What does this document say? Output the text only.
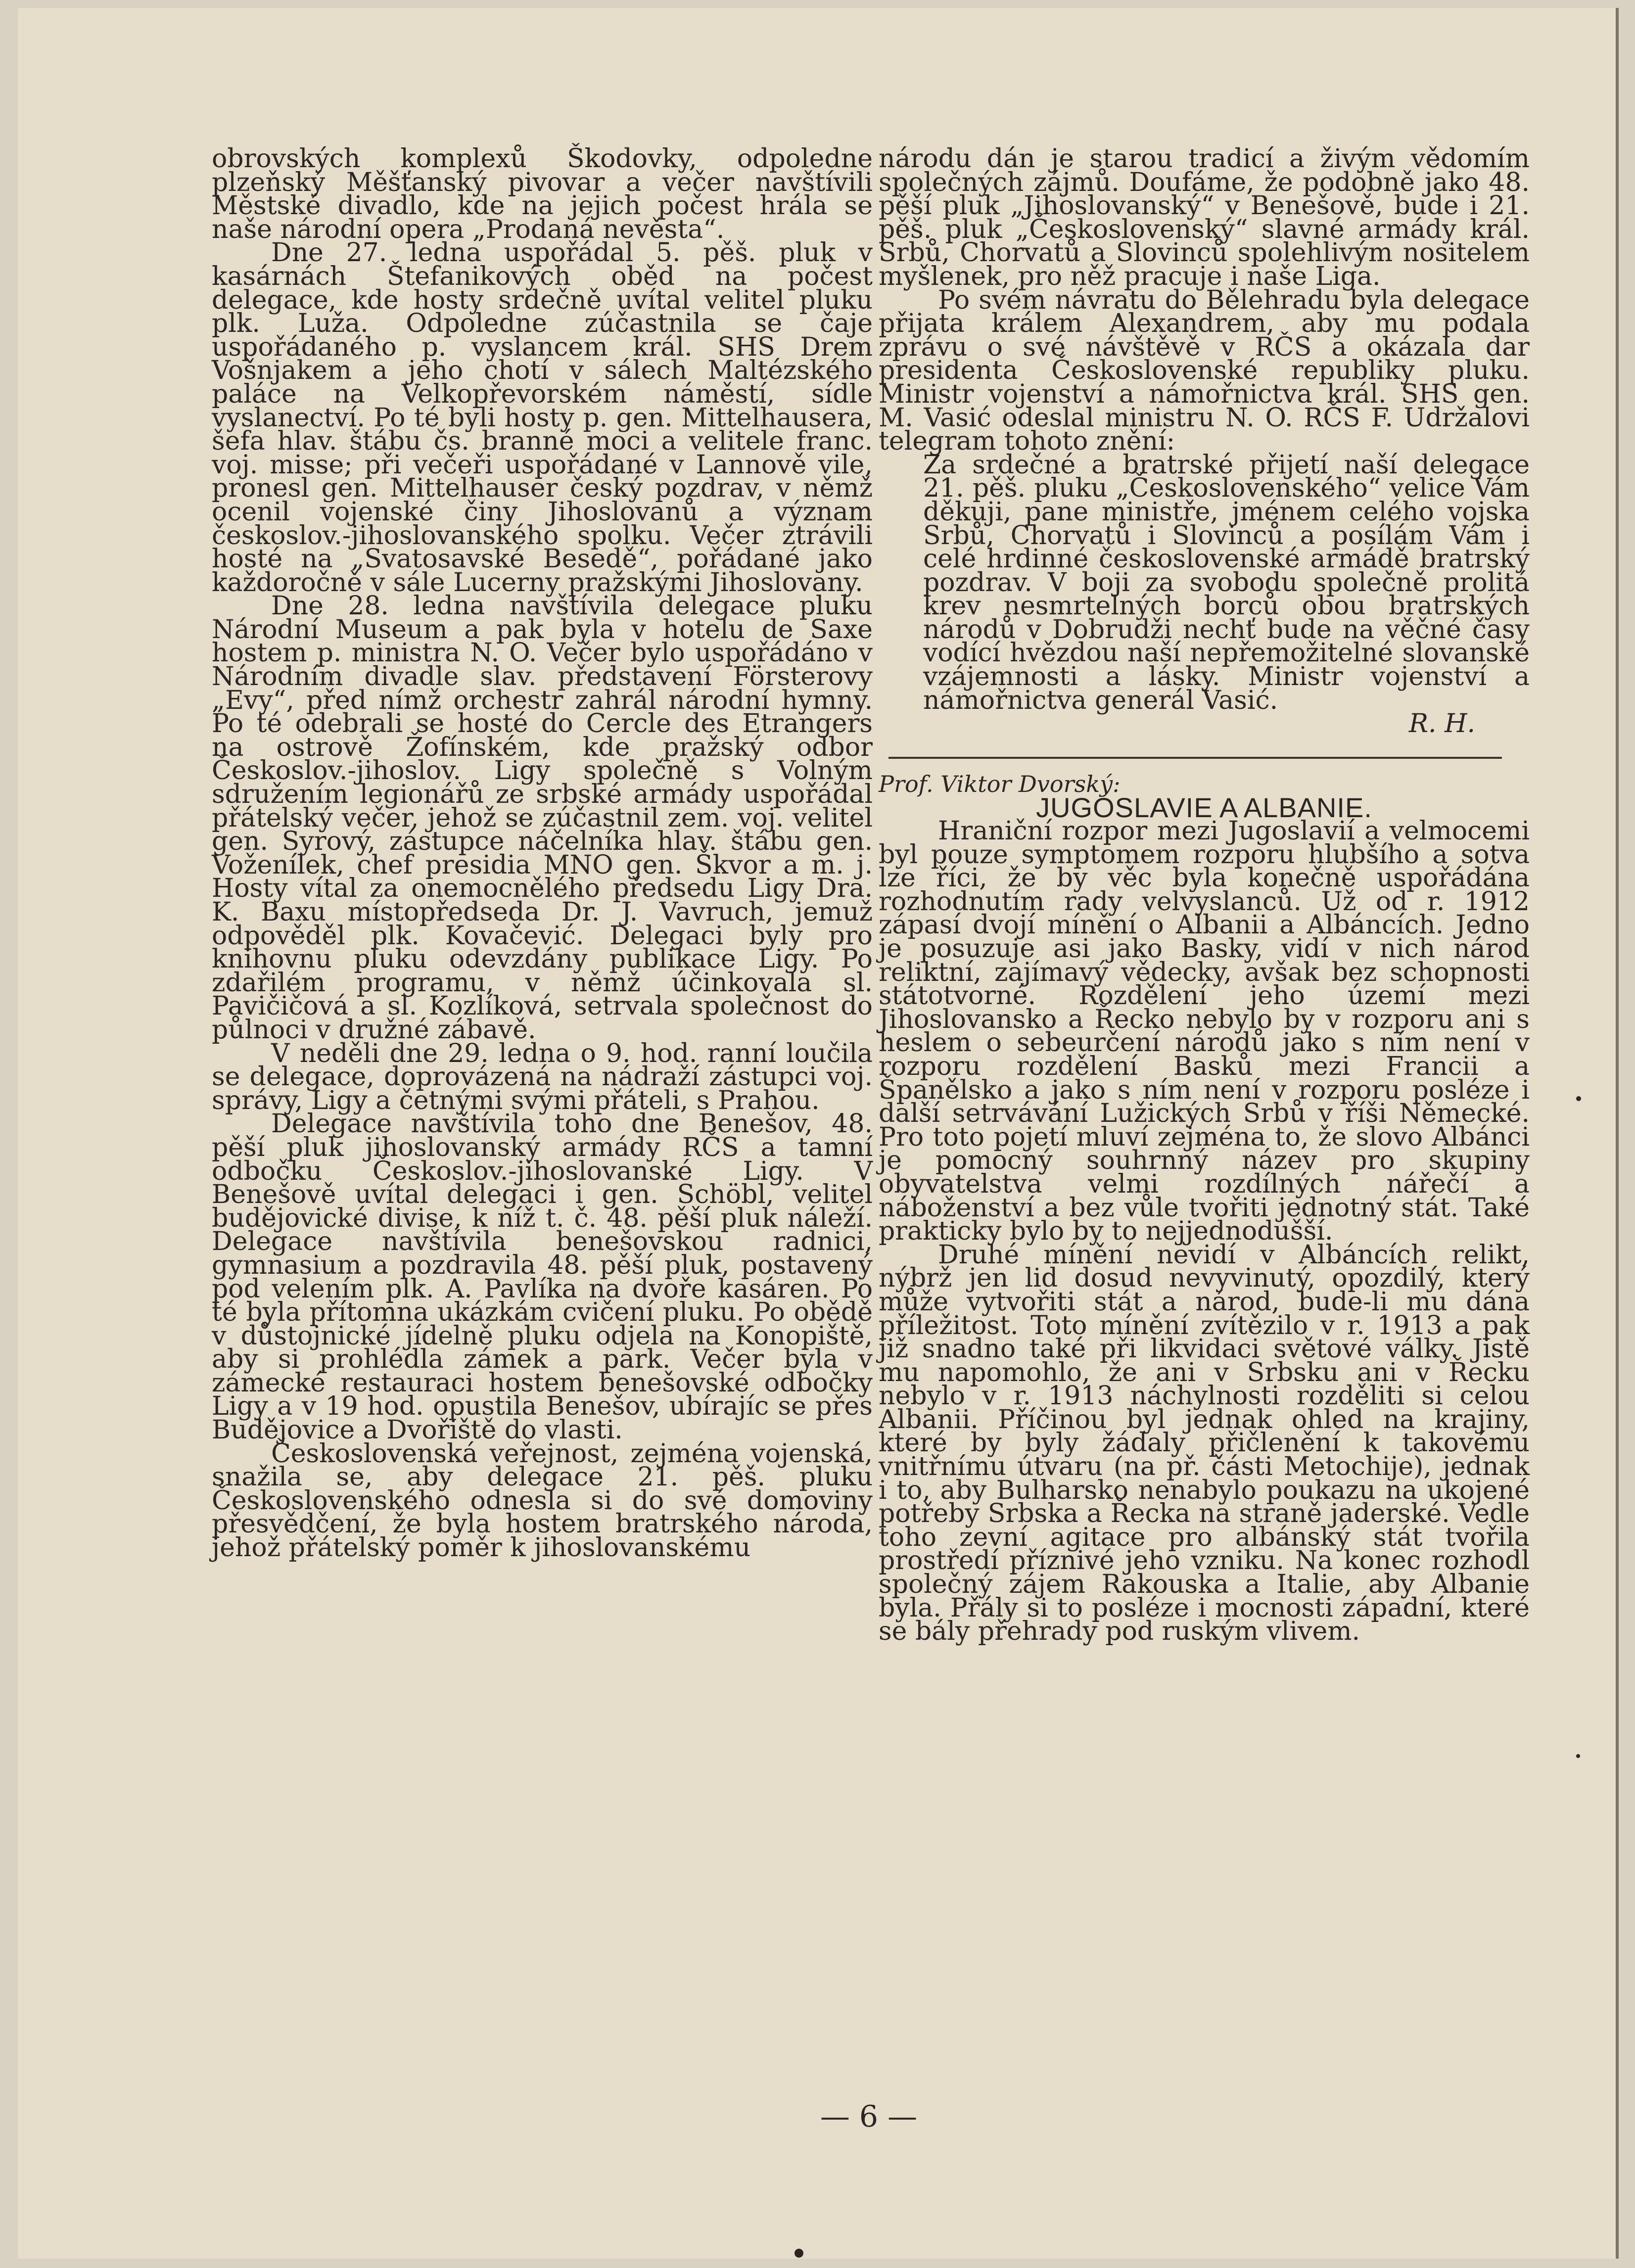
obrovských komplexů Škodovky, odpoledne plzeňský Měšťanský pivovar a večer navštívili Městské divadlo, kde na jejich počest hrála se naše národní opera „Prodaná nevěsta“.

Dne 27. ledna uspořádal 5. pěš. pluk v kasárnách Štefanikových oběd na počest delegace, kde hosty srdečně uvítal velitel pluku plk. Luža. Odpoledne zúčastnila se čaje uspořádaného p. vyslancem král. SHS Drem Vošnjakem a jeho chotí v sálech Maltézského paláce na Velkopřevorském náměstí, sídle vyslanectví. Po té byli hosty p. gen. Mittelhausera, šefa hlav. štábu čs. branné moci a velitele franc. voj. misse; při večeři uspořádané v Lannově vile, pronesl gen. Mittelhauser český pozdrav, v němž ocenil vojenské činy Jihoslovanů a význam českoslov.-jihoslovanského spolku. Večer ztrávili hosté na „Svatosavské Besedě“, pořádané jako každoročně v sále Lucerny pražskými Jihoslovany.

Dne 28. ledna navštívila delegace pluku Národní Museum a pak byla v hotelu de Saxe hostem p. ministra N. O. Večer bylo uspořádáno v Národním divadle slav. představení Försterovy „Evy“, před nímž orchestr zahrál národní hymny. Po té odebrali se hosté do Cercle des Etrangers na ostrově Žofínském, kde pražský odbor Českoslov.-jihoslov. Ligy společně s Volným sdružením legionářů ze srbské armády uspořádal přátelský večer, jehož se zúčastnil zem. voj. velitel gen. Syrový, zástupce náčelníka hlav. štábu gen. Voženílek, chef presidia MNO gen. Škvor a m. j. Hosty vítal za onemocnělého předsedu Ligy Dra. K. Baxu místopředseda Dr. J. Vavruch, jemuž odpověděl plk. Kovačević. Delegaci byly pro knihovnu pluku odevzdány publikace Ligy. Po zdařilém programu, v němž účinkovala sl. Pavičičová a sl. Kozlíková, setrvala společnost do půlnoci v družné zábavě.

V neděli dne 29. ledna o 9. hod. ranní loučila se delegace, doprovázená na nádraží zástupci voj. správy, Ligy a četnými svými přáteli, s Prahou.

Delegace navštívila toho dne Benešov, 48. pěší pluk jihoslovanský armády RČS a tamní odbočku Českoslov.-jihoslovanské Ligy. V Benešově uvítal delegaci i gen. Schöbl, velitel budějovické divise, k níž t. č. 48. pěší pluk náleží. Delegace navštívila benešovskou radnici, gymnasium a pozdravila 48. pěší pluk, postavený pod velením plk. A. Pavlíka na dvoře kasáren. Po té byla přítomna ukázkám cvičení pluku. Po obědě v důstojnické jídelně pluku odjela na Konopiště, aby si prohlédla zámek a park. Večer byla v zámecké restauraci hostem benešovské odbočky Ligy a v 19 hod. opustila Benešov, ubírajíc se přes Budějovice a Dvořiště do vlasti.

Československá veřejnost, zejména vojenská, snažila se, aby delegace 21. pěš. pluku Československého odnesla si do své domoviny přesvědčení, že byla hostem bratrského národa, jehož přátelský poměr k jihoslovanskému

národu dán je starou tradicí a živým vědomím společných zájmů. Doufáme, že podobně jako 48. pěší pluk „Jihoslovanský“ v Benešově, bude i 21. pěš. pluk „Československý“ slavné armády král. Srbů, Chorvatů a Slovinců spolehlivým nositelem myšlenek, pro něž pracuje i naše Liga.

Po svém návratu do Bělehradu byla delegace přijata králem Alexandrem, aby mu podala zprávu o své návštěvě v RČS a okázala dar presidenta Československé republiky pluku. Ministr vojenství a námořnictva král. SHS gen. M. Vasić odeslal ministru N. O. RČS F. Udržalovi telegram tohoto znění:

Za srdečné a bratrské přijetí naší delegace 21. pěš. pluku „Československého“ velice Vám děkuji, pane ministře, jménem celého vojska Srbů, Chorvatů i Slovinců a posílám Vám i celé hrdinné československé armádě bratrský pozdrav. V boji za svobodu společně prolitá krev nesmrtelných borců obou bratrských národů v Dobrudži nechť bude na věčné časy vodící hvězdou naší nepřemožitelné slovanské vzájemnosti a lásky. Ministr vojenství a námořnictva generál Vasić.

R. H.

Prof. Viktor Dvorský:

JUGOSLAVIE A ALBANIE.

Hraniční rozpor mezi Jugoslavií a velmocemi byl pouze symptomem rozporu hlubšího a sotva lze říci, že by věc byla konečně uspořádána rozhodnutím rady velvyslanců. Už od r. 1912 zápasí dvojí mínění o Albanii a Albáncích. Jedno je posuzuje asi jako Basky, vidí v nich národ reliktní, zajímavý vědecky, avšak bez schopnosti státotvorné. Rozdělení jeho území mezi Jihoslovansko a Řecko nebylo by v rozporu ani s heslem o sebeurčení národů jako s ním není v rozporu rozdělení Basků mezi Francii a Španělsko a jako s ním není v rozporu posléze i další setrvávání Lužických Srbů v říši Německé. Pro toto pojetí mluví zejména to, že slovo Albánci je pomocný souhrnný název pro skupiny obyvatelstva velmi rozdílných nářečí a náboženství a bez vůle tvořiti jednotný stát. Také prakticky bylo by to nejjednodušší.

Druhé mínění nevidí v Albáncích relikt, nýbrž jen lid dosud nevyvinutý, opozdilý, který může vytvořiti stát a národ, bude-li mu dána příležitost. Toto mínění zvítězilo v r. 1913 a pak již snadno také při likvidaci světové války. Jistě mu napomohlo, že ani v Srbsku ani v Řecku nebylo v r. 1913 náchylnosti rozděliti si celou Albanii. Příčinou byl jednak ohled na krajiny, které by byly žádaly přičlenění k takovému vnitřnímu útvaru (na př. části Metochije), jednak i to, aby Bulharsko nenabylo poukazu na ukojené potřeby Srbska a Řecka na straně jaderské. Vedle toho zevní agitace pro albánský stát tvořila prostředí příznivé jeho vzniku. Na konec rozhodl společný zájem Rakouska a Italie, aby Albanie byla. Přály si to posléze i mocnosti západní, které se bály přehrady pod ruským vlivem.

— 6 —
